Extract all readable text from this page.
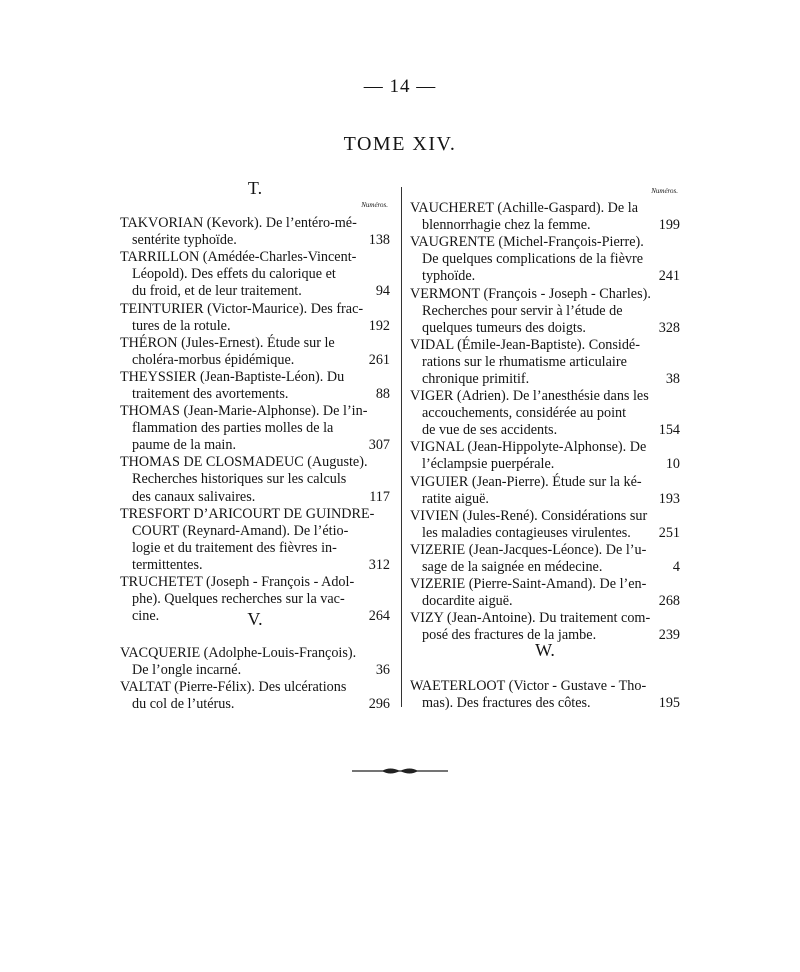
— 14 —
TOME XIV.
T.
Numéros.
Numéros.
TAKVORIAN (Kevork). De l’entéro-mé-
sentérite typhoïde.	138
TARRILLON (Amédée-Charles-Vincent-
Léopold). Des effets du calorique et
du froid, et de leur traitement.	94
TEINTURIER (Victor-Maurice). Des frac-
tures de la rotule.	192
THÉRON (Jules-Ernest). Étude sur le
choléra-morbus épidémique.	261
THEYSSIER (Jean-Baptiste-Léon). Du
traitement des avortements.	88
THOMAS (Jean-Marie-Alphonse). De l’in-
flammation des parties molles de la
paume de la main.	307
THOMAS DE CLOSMADEUC (Auguste).
Recherches historiques sur les calculs
des canaux salivaires.	117
TRESFORT D’ARICOURT DE GUINDRE-
COURT (Reynard-Amand). De l’étio-
logie et du traitement des fièvres in-
termittentes.	312
TRUCHETET (Joseph - François - Adol-
phe). Quelques recherches sur la vac-
cine.	264
V.
VACQUERIE (Adolphe-Louis-François).
De l’ongle incarné.	36
VALTAT (Pierre-Félix). Des ulcérations
du col de l’utérus.	296
VAUCHERET (Achille-Gaspard). De la
blennorrhagie chez la femme.	199
VAUGRENTE (Michel-François-Pierre).
De quelques complications de la fièvre
typhoïde.	241
VERMONT (François - Joseph - Charles).
Recherches pour servir à l’étude de
quelques tumeurs des doigts.	328
VIDAL (Émile-Jean-Baptiste). Considé-
rations sur le rhumatisme articulaire
chronique primitif.	38
VIGER (Adrien). De l’anesthésie dans les
accouchements, considérée au point
de vue de ses accidents.	154
VIGNAL (Jean-Hippolyte-Alphonse). De
l’éclampsie puerpérale.	10
VIGUIER (Jean-Pierre). Étude sur la ké-
ratite aiguë.	193
VIVIEN (Jules-René). Considérations sur
les maladies contagieuses virulentes.	251
VIZERIE (Jean-Jacques-Léonce). De l’u-
sage de la saignée en médecine.	4
VIZERIE (Pierre-Saint-Amand). De l’en-
docardite aiguë.	268
VIZY (Jean-Antoine). Du traitement com-
posé des fractures de la jambe.	239
W.
WAETERLOOT (Victor - Gustave - Tho-
mas). Des fractures des côtes.	195
